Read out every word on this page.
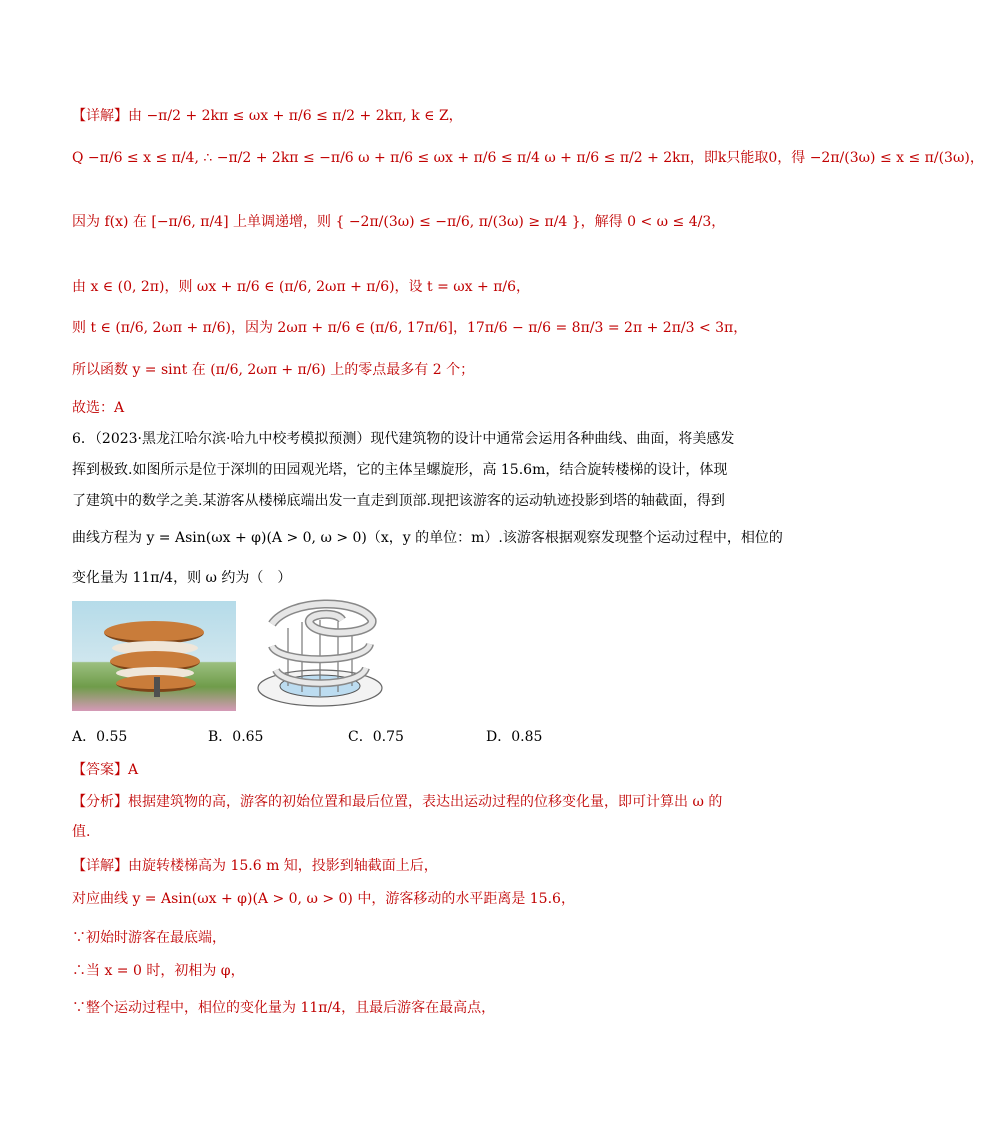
【详解】由 −π/2 + 2kπ ≤ ωx + π/6 ≤ π/2 + 2kπ, k ∈ Z，
Q −π/6 ≤ x ≤ π/4, ∴ −π/2 + 2kπ ≤ −π/6 ω + π/6 ≤ ωx + π/6 ≤ π/4 ω + π/6 ≤ π/2 + 2kπ，即k只能取0，得 −2π/(3ω) ≤ x ≤ π/(3ω)，
因为 f(x) 在 [−π/6, π/4] 上单调递增，则 { −2π/(3ω) ≤ −π/6, π/(3ω) ≥ π/4 }，解得 0 < ω ≤ 4/3，
由 x ∈ (0, 2π)，则 ωx + π/6 ∈ (π/6, 2ωπ + π/6)，设 t = ωx + π/6，
则 t ∈ (π/6, 2ωπ + π/6)，因为 2ωπ + π/6 ∈ (π/6, 17π/6]，17π/6 − π/6 = 8π/3 = 2π + 2π/3 < 3π，
所以函数 y = sint 在 (π/6, 2ωπ + π/6) 上的零点最多有 2 个；
故选：A
6．（2023·黑龙江哈尔滨·哈九中校考模拟预测）现代建筑物的设计中通常会运用各种曲线、曲面，将美感发
挥到极致.如图所示是位于深圳的田园观光塔，它的主体呈螺旋形，高 15.6m，结合旋转楼梯的设计，体现
了建筑中的数学之美.某游客从楼梯底端出发一直走到顶部.现把该游客的运动轨迹投影到塔的轴截面，得到
曲线方程为 y = Asin(ωx + φ)(A > 0, ω > 0)（x，y 的单位：m）.该游客根据观察发现整个运动过程中，相位的
变化量为 11π/4，则 ω 约为（　）
A．0.55	B．0.65	C．0.75	D．0.85
【答案】A
【分析】根据建筑物的高，游客的初始位置和最后位置，表达出运动过程的位移变化量，即可计算出 ω 的
值.
【详解】由旋转楼梯高为 15.6 m 知，投影到轴截面上后，
对应曲线 y = Asin(ωx + φ)(A > 0, ω > 0) 中，游客移动的水平距离是 15.6，
∵初始时游客在最底端，
∴当 x = 0 时，初相为 φ，
∵整个运动过程中，相位的变化量为 11π/4，且最后游客在最高点，
